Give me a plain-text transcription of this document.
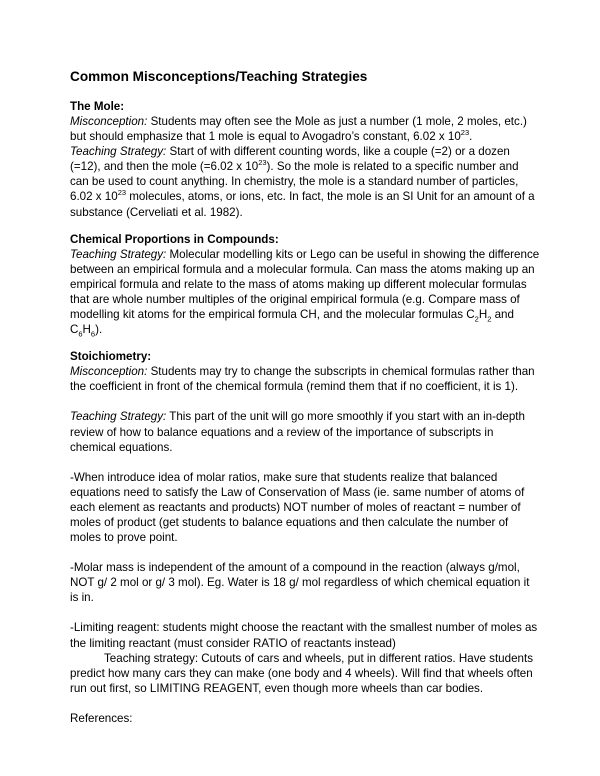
Common Misconceptions/Teaching Strategies
The Mole:

Misconception: Students may often see the Mole as just a number (1 mole, 2 moles, etc.) but should emphasize that 1 mole is equal to Avogadro’s constant, 6.02 x $10^{23}$.

Teaching Strategy: Start of with different counting words, like a couple (=2) or a dozen (=12), and then the mole (=6.02 x $10^{23}$). So the mole is related to a specific number and can be used to count anything. In chemistry, the mole is a standard number of particles, 6.02 x $10^{23}$ molecules, atoms, or ions, etc. In fact, the mole is an SI Unit for an amount of a substance (Cerveliati et al. 1982).

Chemical Proportions in Compounds:

Teaching Strategy: Molecular modelling kits or Lego can be useful in showing the difference between an empirical formula and a molecular formula. Can mass the atoms making up an empirical formula and relate to the mass of atoms making up different molecular formulas that are whole number multiples of the original empirical formula (e.g. Compare mass of modelling kit atoms for the empirical formula CH, and the molecular formulas $C_2H_2$ and $C_6H_6$).

Stoichiometry:

Misconception: Students may try to change the subscripts in chemical formulas rather than the coefficient in front of the chemical formula (remind them that if no coefficient, it is 1).

Teaching Strategy: This part of the unit will go more smoothly if you start with an in-depth review of how to balance equations and a review of the importance of subscripts in chemical equations.

-When introduce idea of molar ratios, make sure that students realize that balanced equations need to satisfy the Law of Conservation of Mass (ie. same number of atoms of each element as reactants and products) NOT number of moles of reactant = number of moles of product (get students to balance equations and then calculate the number of moles to prove point.

-Molar mass is independent of the amount of a compound in the reaction (always g/mol, NOT g/ 2 mol or g/ 3 mol). Eg. Water is 18 g/ mol regardless of which chemical equation it is in.

-Limiting reagent: students might choose the reactant with the smallest number of moles as the limiting reactant (must consider RATIO of reactants instead)

Teaching strategy: Cutouts of cars and wheels, put in different ratios. Have students predict how many cars they can make (one body and 4 wheels). Will find that wheels often run out first, so LIMITING REAGENT, even though more wheels than car bodies.

References:
